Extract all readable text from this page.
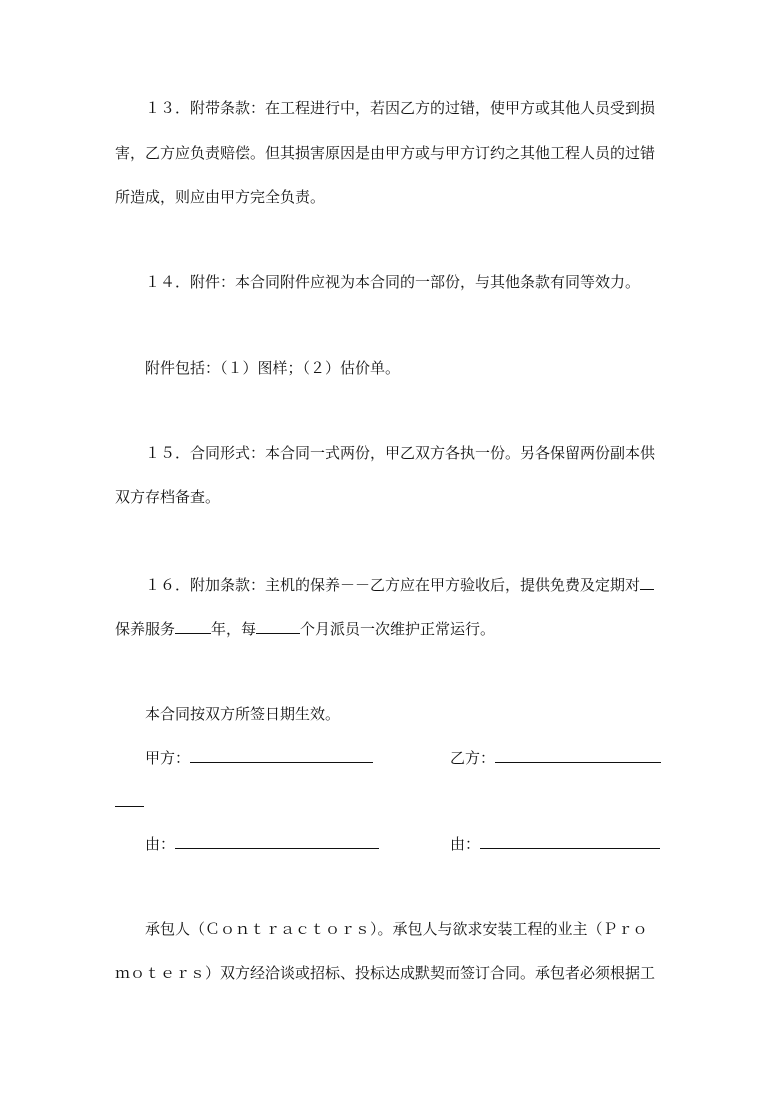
１３．附带条款：在工程进行中，若因乙方的过错，使甲方或其他人员受到损
害，乙方应负责赔偿。但其损害原因是由甲方或与甲方订约之其他工程人员的过错
所造成，则应由甲方完全负责。
１４．附件：本合同附件应视为本合同的一部份，与其他条款有同等效力。
附件包括：（１）图样；（２）估价单。
１５．合同形式：本合同一式两份，甲乙双方各执一份。另各保留两份副本供
双方存档备查。
１６．附加条款：主机的保养－－乙方应在甲方验收后，提供免费及定期对
保养服务 年，每	个月派员一次维护正常运行。
本合同按双方所签日期生效。
甲方：	乙方：
由：	由：
承包人（Ｃｏｎｔｒａｃｔｏｒｓ）。承包人与欲求安装工程的业主（Ｐｒｏ
ｍｏｔｅｒｓ）双方经洽谈或招标、投标达成默契而签订合同。承包者必须根据工
